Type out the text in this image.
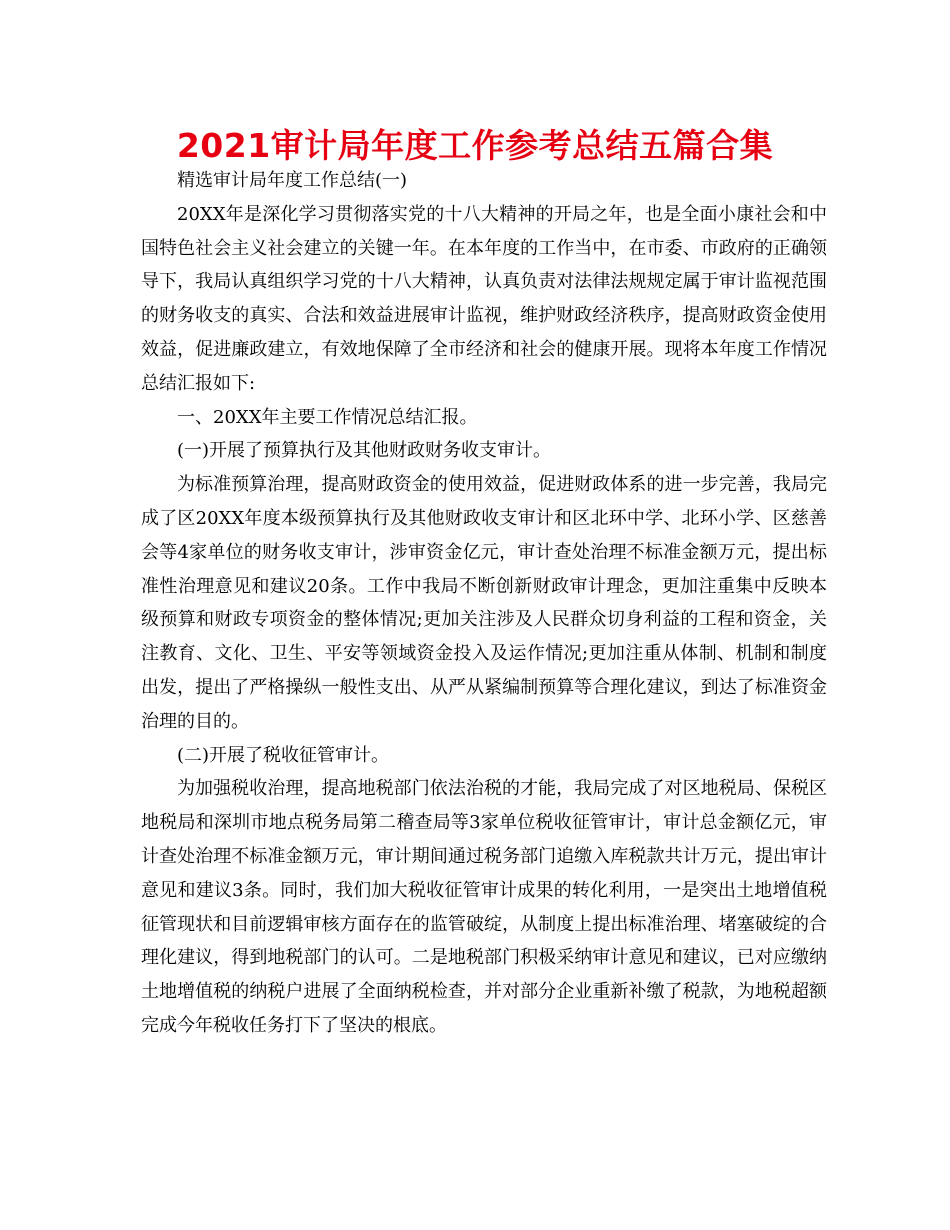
2021审计局年度工作参考总结五篇合集

精选审计局年度工作总结(一)

20XX年是深化学习贯彻落实党的十八大精神的开局之年，也是全面小康社会和中国特色社会主义社会建立的关键一年。在本年度的工作当中，在市委、市政府的正确领导下，我局认真组织学习党的十八大精神，认真负责对法律法规规定属于审计监视范围的财务收支的真实、合法和效益进展审计监视，维护财政经济秩序，提高财政资金使用效益，促进廉政建立，有效地保障了全市经济和社会的健康开展。现将本年度工作情况总结汇报如下:

一、20XX年主要工作情况总结汇报。

(一)开展了预算执行及其他财政财务收支审计。

为标准预算治理，提高财政资金的使用效益，促进财政体系的进一步完善，我局完成了区20XX年度本级预算执行及其他财政收支审计和区北环中学、北环小学、区慈善会等4家单位的财务收支审计，涉审资金亿元，审计查处治理不标准金额万元，提出标准性治理意见和建议20条。工作中我局不断创新财政审计理念，更加注重集中反映本级预算和财政专项资金的整体情况;更加关注涉及人民群众切身利益的工程和资金，关注教育、文化、卫生、平安等领域资金投入及运作情况;更加注重从体制、机制和制度出发，提出了严格操纵一般性支出、从严从紧编制预算等合理化建议，到达了标准资金治理的目的。

(二)开展了税收征管审计。

为加强税收治理，提高地税部门依法治税的才能，我局完成了对区地税局、保税区地税局和深圳市地点税务局第二稽查局等3家单位税收征管审计，审计总金额亿元，审计查处治理不标准金额万元，审计期间通过税务部门追缴入库税款共计万元，提出审计意见和建议3条。同时，我们加大税收征管审计成果的转化利用，一是突出土地增值税征管现状和目前逻辑审核方面存在的监管破绽，从制度上提出标准治理、堵塞破绽的合理化建议，得到地税部门的认可。二是地税部门积极采纳审计意见和建议，已对应缴纳土地增值税的纳税户进展了全面纳税检查，并对部分企业重新补缴了税款，为地税超额完成今年税收任务打下了坚决的根底。
